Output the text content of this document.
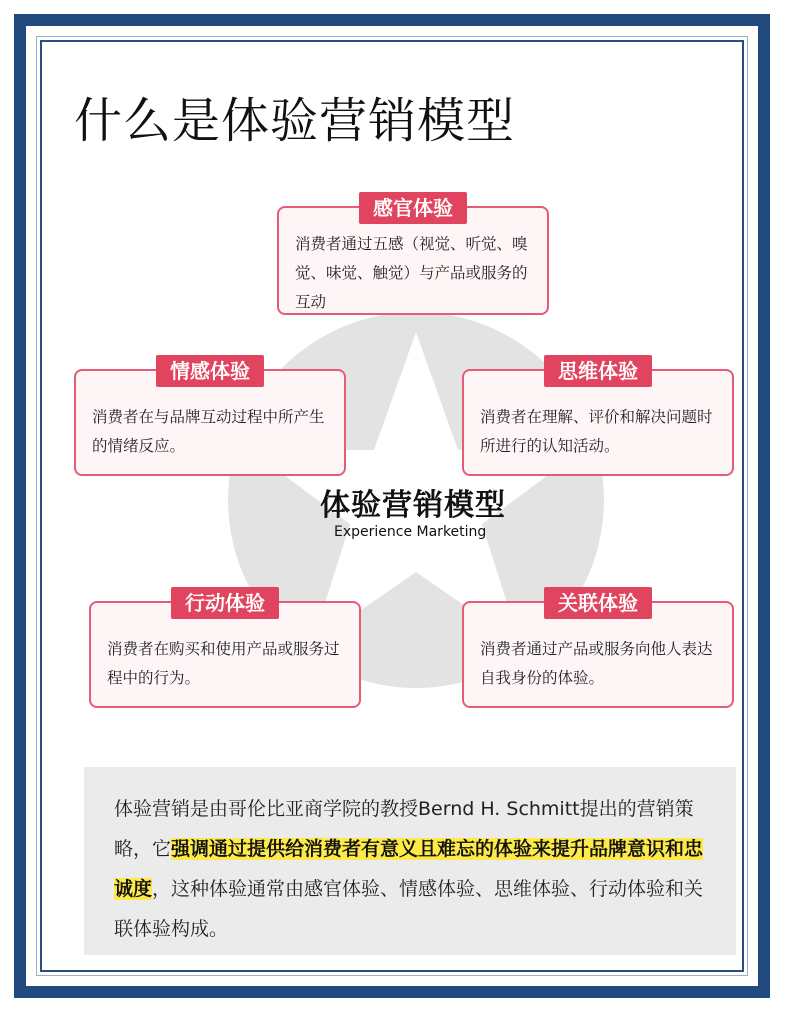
什么是体验营销模型
感官体验
消费者通过五感（视觉、听觉、嗅觉、味觉、触觉）与产品或服务的互动
情感体验
消费者在与品牌互动过程中所产生的情绪反应。
思维体验
消费者在理解、评价和解决问题时所进行的认知活动。
体验营销模型
Experience Marketing
行动体验
消费者在购买和使用产品或服务过程中的行为。
关联体验
消费者通过产品或服务向他人表达自我身份的体验。
体验营销是由哥伦比亚商学院的教授Bernd H. Schmitt提出的营销策略，它强调通过提供给消费者有意义且难忘的体验来提升品牌意识和忠诚度，这种体验通常由感官体验、情感体验、思维体验、行动体验和关联体验构成。
